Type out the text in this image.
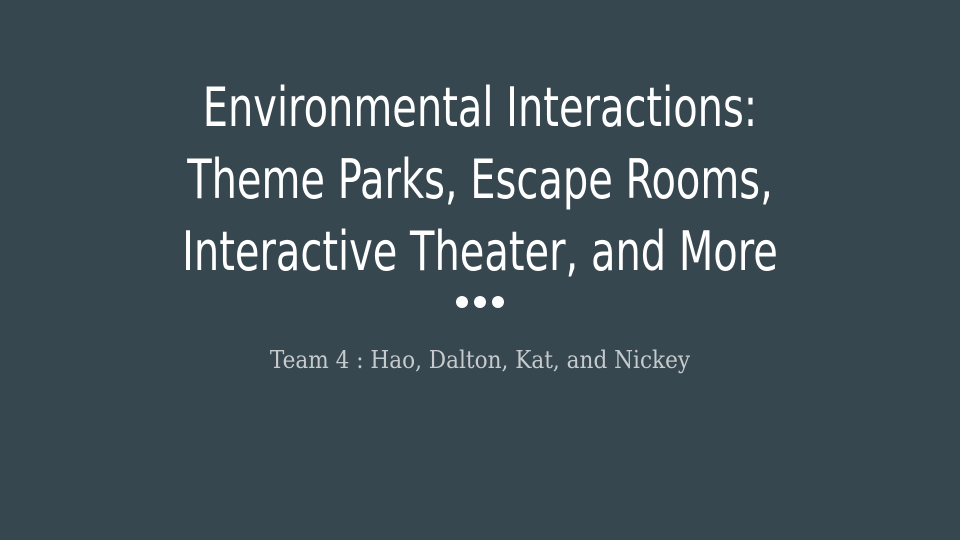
Environmental Interactions:
Theme Parks, Escape Rooms,
Interactive Theater, and More
Team 4 : Hao, Dalton, Kat, and Nickey
